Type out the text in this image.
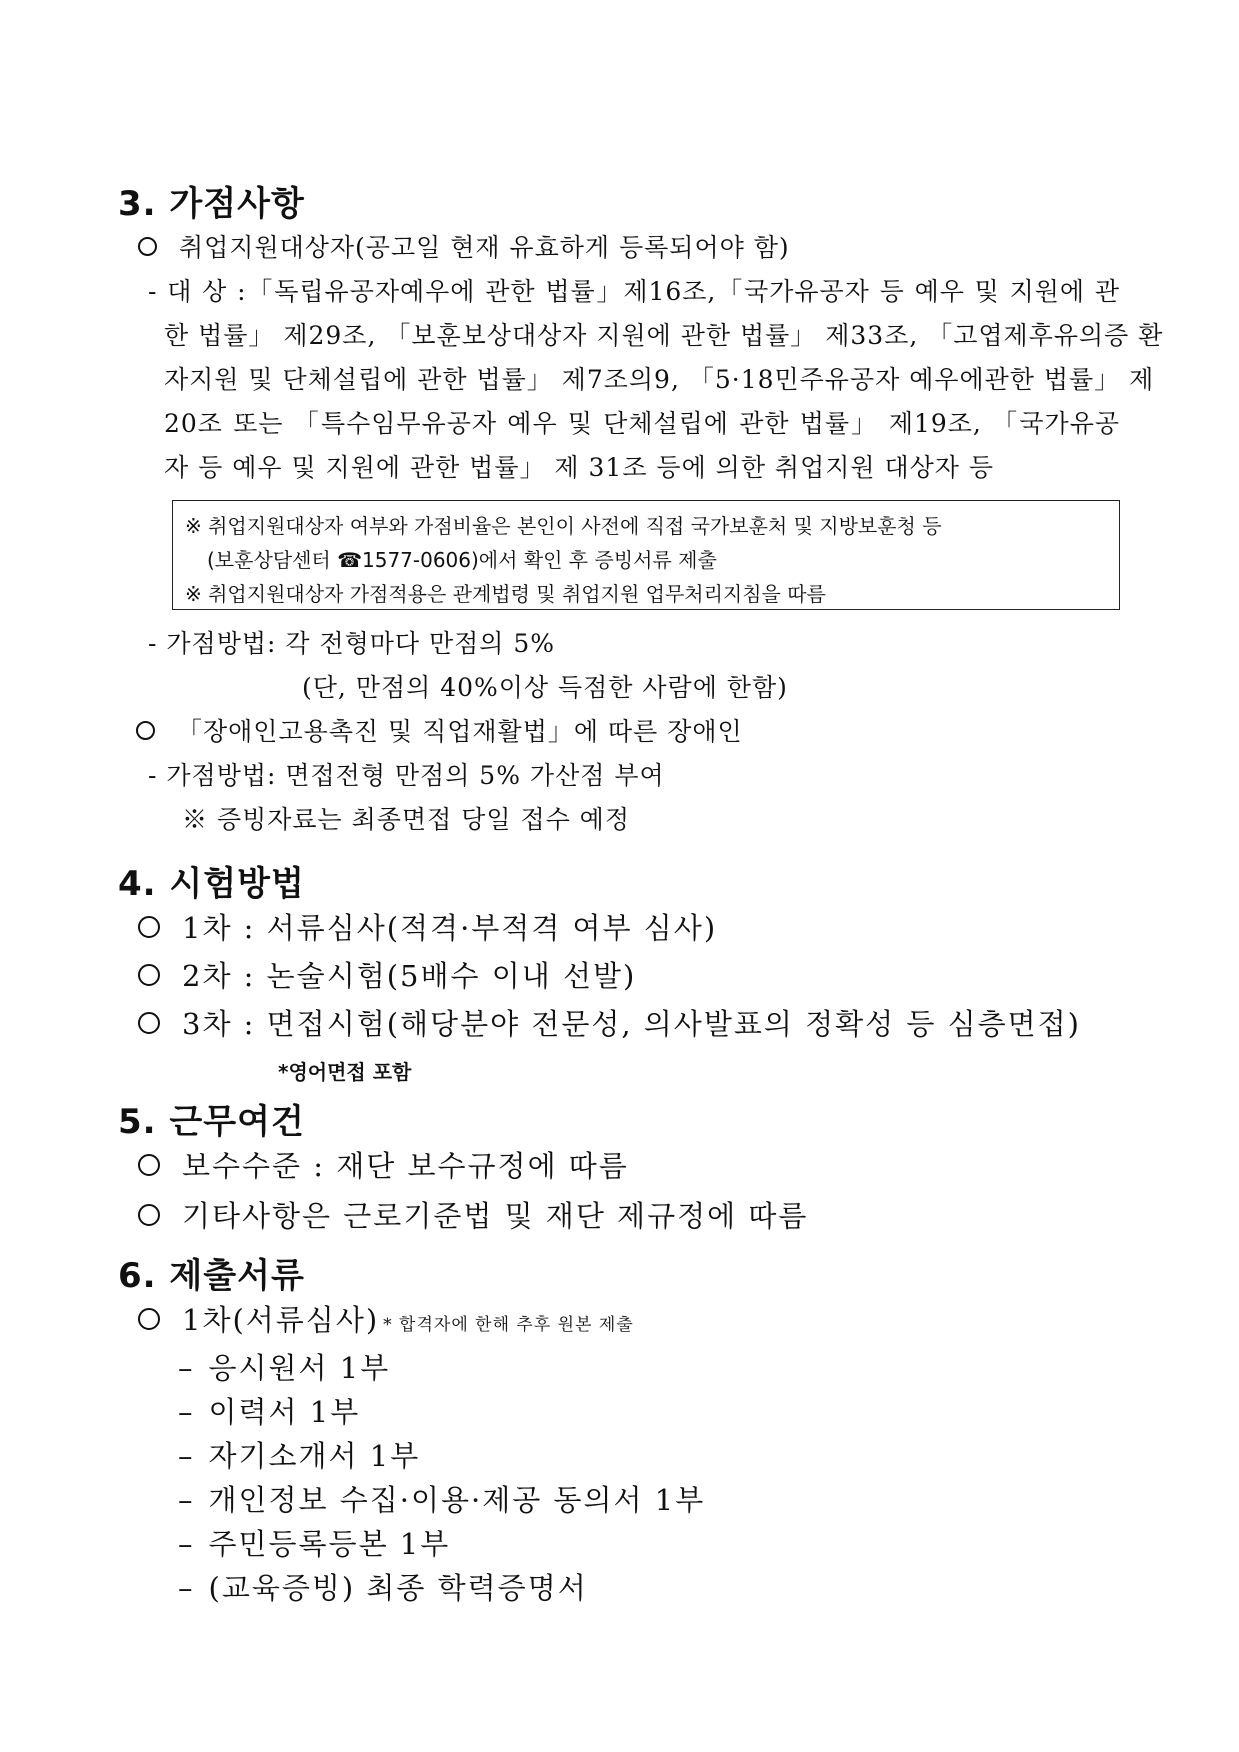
3. 가점사항
취업지원대상자(공고일 현재 유효하게 등록되어야 함)
- 대 상 :「독립유공자예우에 관한 법률」제16조,「국가유공자 등 예우 및 지원에 관
한 법률」 제29조, 「보훈보상대상자 지원에 관한 법률」 제33조, 「고엽제후유의증 환
자지원 및 단체설립에 관한 법률」 제7조의9, 「5·18민주유공자 예우에관한 법률」 제
20조 또는 「특수임무유공자 예우 및 단체설립에 관한 법률」 제19조, 「국가유공
자 등 예우 및 지원에 관한 법률」 제 31조 등에 의한 취업지원 대상자 등
※ 취업지원대상자 여부와 가점비율은 본인이 사전에 직접 국가보훈처 및 지방보훈청 등
(보훈상담센터 ☎1577-0606)에서 확인 후 증빙서류 제출
※ 취업지원대상자 가점적용은 관계법령 및 취업지원 업무처리지침을 따름
- 가점방법: 각 전형마다 만점의 5%
(단, 만점의 40%이상 득점한 사람에 한함)
「장애인고용촉진 및 직업재활법」에 따른 장애인
- 가점방법: 면접전형 만점의 5% 가산점 부여
※ 증빙자료는 최종면접 당일 접수 예정
4. 시험방법
1차 : 서류심사(적격·부적격 여부 심사)
2차 : 논술시험(5배수 이내 선발)
3차 : 면접시험(해당분야 전문성, 의사발표의 정확성 등 심층면접)
*영어면접 포함
5. 근무여건
보수수준 : 재단 보수규정에 따름
기타사항은 근로기준법 및 재단 제규정에 따름
6. 제출서류
1차(서류심사) * 합격자에 한해 추후 원본 제출
– 응시원서 1부
– 이력서 1부
– 자기소개서 1부
– 개인정보 수집·이용·제공 동의서 1부
– 주민등록등본 1부
– (교육증빙) 최종 학력증명서
